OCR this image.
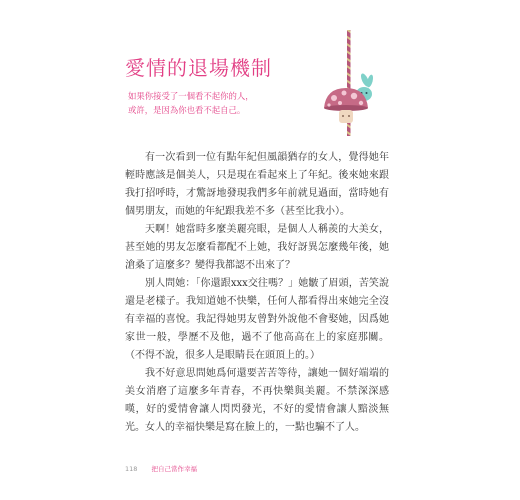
愛情的退場機制
如果你接受了一個看不起你的人，
或許，是因為你也看不起自己。

有一次看到一位有點年紀但風韻猶存的女人，覺得她年輕時應該是個美人，只是現在看起來上了年紀。後來她來跟我打招呼時，才驚訝地發現我們多年前就見過面，當時她有個男朋友，而她的年紀跟我差不多（甚至比我小）。

天啊！她當時多麼美麗亮眼，是個人人稱羨的大美女，甚至她的男友怎麼看都配不上她，我好訝異怎麼幾年後，她滄桑了這麼多？變得我都認不出來了？

別人問她：「你還跟xxx交往嗎？」她皺了眉頭，苦笑說還是老樣子。我知道她不快樂，任何人都看得出來她完全沒有幸福的喜悅。我記得她男友曾對外說他不會娶她，因爲她家世一般，學歷不及他，過不了他高高在上的家庭那關。（不得不說，很多人是眼睛長在頭頂上的。）

我不好意思問她爲何還要苦苦等待，讓她一個好端端的美女消磨了這麼多年青春，不再快樂與美麗。不禁深深感嘆，好的愛情會讓人閃閃發光，不好的愛情會讓人黯淡無光。女人的幸福快樂是寫在臉上的，一點也騙不了人。

118 把自己當作幸福
